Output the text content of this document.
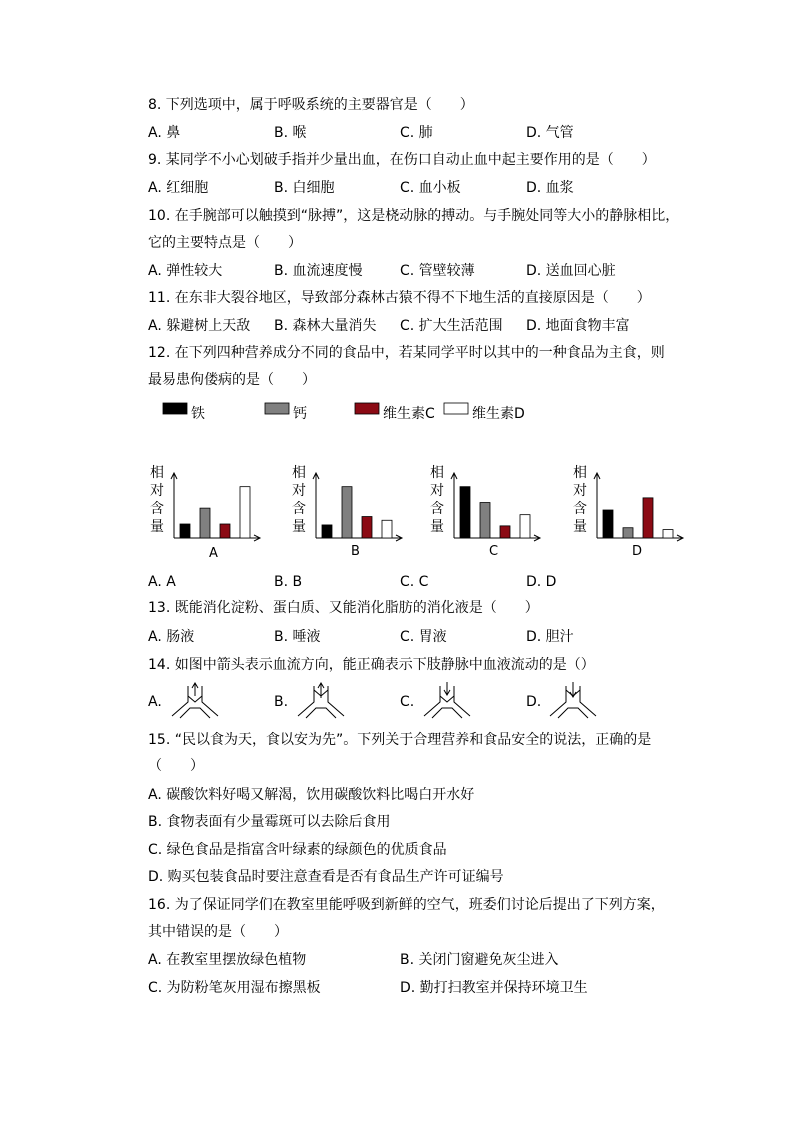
8. 下列选项中，属于呼吸系统的主要器官是（　　）
A. 鼻	B. 喉	C. 肺	D. 气管
9. 某同学不小心划破手指并少量出血，在伤口自动止血中起主要作用的是（　　）
A. 红细胞	B. 白细胞	C. 血小板	D. 血浆
10. 在手腕部可以触摸到“脉搏”，这是桡动脉的搏动。与手腕处同等大小的静脉相比，
它的主要特点是（　　）
A. 弹性较大	B. 血流速度慢	C. 管壁较薄	D. 送血回心脏
11. 在东非大裂谷地区，导致部分森林古猿不得不下地生活的直接原因是（　　）
A. 躲避树上天敌 B. 森林大量消失 C. 扩大生活范围 D. 地面食物丰富
12. 在下列四种营养成分不同的食品中，若某同学平时以其中的一种食品为主食，则
最易患佝偻病的是（　　）
铁	钙	维生素C	维生素D
相
对
含
量
A
相
对
含
量
B
相
对
含
量
C
相
对
含
量
D
A. A	B. B	C. C	D. D
13. 既能消化淀粉、蛋白质、又能消化脂肪的消化液是（　　）
A. 肠液	B. 唾液	C. 胃液	D. 胆汁
14. 如图中箭头表示血流方向，能正确表示下肢静脉中血液流动的是（）
A.	B.	C.	D.
15. “民以食为天，食以安为先”。下列关于合理营养和食品安全的说法，正确的是
（　　）
A. 碳酸饮料好喝又解渴，饮用碳酸饮料比喝白开水好
B. 食物表面有少量霉斑可以去除后食用
C. 绿色食品是指富含叶绿素的绿颜色的优质食品
D. 购买包装食品时要注意查看是否有食品生产许可证编号
16. 为了保证同学们在教室里能呼吸到新鲜的空气，班委们讨论后提出了下列方案，
其中错误的是（　　）
A. 在教室里摆放绿色植物	B. 关闭门窗避免灰尘进入
C. 为防粉笔灰用湿布擦黑板	D. 勤打扫教室并保持环境卫生
